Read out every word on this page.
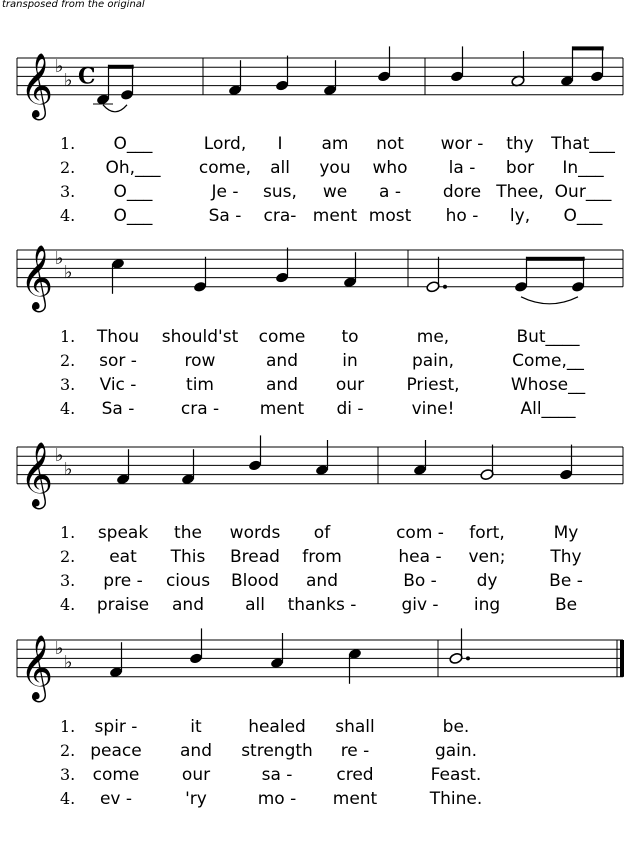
transposed from the original
𝄞 ♭
♭ C
𝄞 ♭
♭
𝄞 ♭
♭
𝄞 ♭
♭
1. O___	Lord, I am not wor - thy That___
2. Oh,___ come, all you who la - bor In___
3. O___	Je - sus, we a - dore Thee, Our___
4. O___	Sa - cra- ment most ho - ly, O___
1. Thou should'st come to	me,	But____
2. sor -	row	and	in	pain,	Come,__
3. Vic -	tim	and our Priest,	Whose__
4. Sa -	cra - ment di -	vine!	All____
1. speak the words of	com - fort,	My
2. eat This Bread from	hea - ven;	Thy
3. pre - cious Blood and	Bo - dy	Be -
4. praise and all thanks -	giv - ing	Be
1. spir -	it	healed shall	be.
2. peace and strength re -	gain.
3. come	our	sa -	cred	Feast.
4. ev -	'ry	mo - ment	Thine.
